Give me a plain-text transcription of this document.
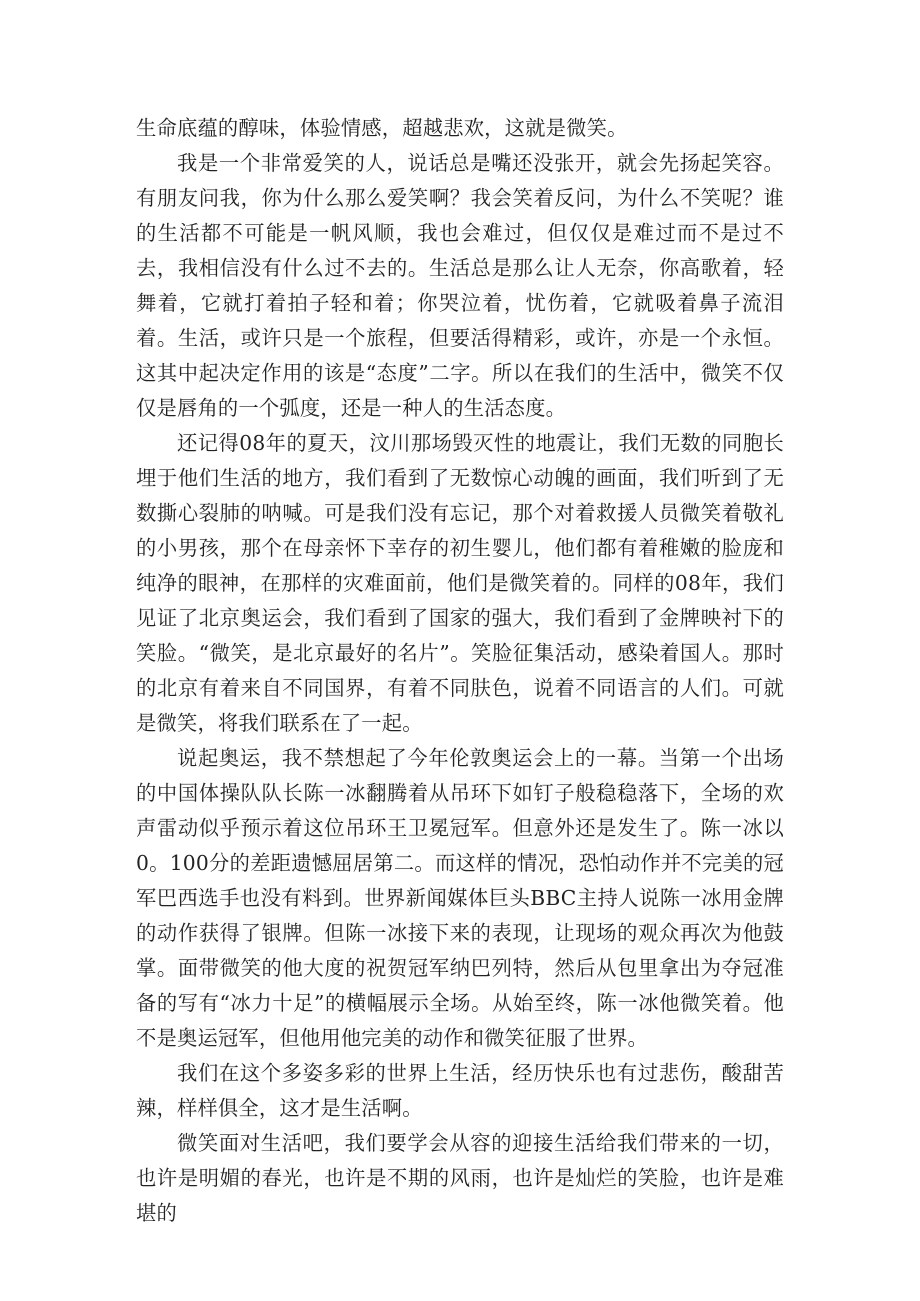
生命底蕴的醇味，体验情感，超越悲欢，这就是微笑。

我是一个非常爱笑的人，说话总是嘴还没张开，就会先扬起笑容。有朋友问我，你为什么那么爱笑啊？我会笑着反问，为什么不笑呢？谁的生活都不可能是一帆风顺，我也会难过，但仅仅是难过而不是过不去，我相信没有什么过不去的。生活总是那么让人无奈，你高歌着，轻舞着，它就打着拍子轻和着；你哭泣着，忧伤着，它就吸着鼻子流泪着。生活，或许只是一个旅程，但要活得精彩，或许，亦是一个永恒。这其中起决定作用的该是“态度”二字。所以在我们的生活中，微笑不仅仅是唇角的一个弧度，还是一种人的生活态度。

还记得08年的夏天，汶川那场毁灭性的地震让，我们无数的同胞长埋于他们生活的地方，我们看到了无数惊心动魄的画面，我们听到了无数撕心裂肺的呐喊。可是我们没有忘记，那个对着救援人员微笑着敬礼的小男孩，那个在母亲怀下幸存的初生婴儿，他们都有着稚嫩的脸庞和纯净的眼神，在那样的灾难面前，他们是微笑着的。同样的08年，我们见证了北京奥运会，我们看到了国家的强大，我们看到了金牌映衬下的笑脸。“微笑，是北京最好的名片”。笑脸征集活动，感染着国人。那时的北京有着来自不同国界，有着不同肤色，说着不同语言的人们。可就是微笑，将我们联系在了一起。

说起奥运，我不禁想起了今年伦敦奥运会上的一幕。当第一个出场的中国体操队队长陈一冰翻腾着从吊环下如钉子般稳稳落下，全场的欢声雷动似乎预示着这位吊环王卫冕冠军。但意外还是发生了。陈一冰以0。100分的差距遗憾屈居第二。而这样的情况，恐怕动作并不完美的冠军巴西选手也没有料到。世界新闻媒体巨头BBC主持人说陈一冰用金牌的动作获得了银牌。但陈一冰接下来的表现，让现场的观众再次为他鼓掌。面带微笑的他大度的祝贺冠军纳巴列特，然后从包里拿出为夺冠准备的写有“冰力十足”的横幅展示全场。从始至终，陈一冰他微笑着。他不是奥运冠军，但他用他完美的动作和微笑征服了世界。

我们在这个多姿多彩的世界上生活，经历快乐也有过悲伤，酸甜苦辣，样样俱全，这才是生活啊。

微笑面对生活吧，我们要学会从容的迎接生活给我们带来的一切，也许是明媚的春光，也许是不期的风雨，也许是灿烂的笑脸，也许是难堪的
